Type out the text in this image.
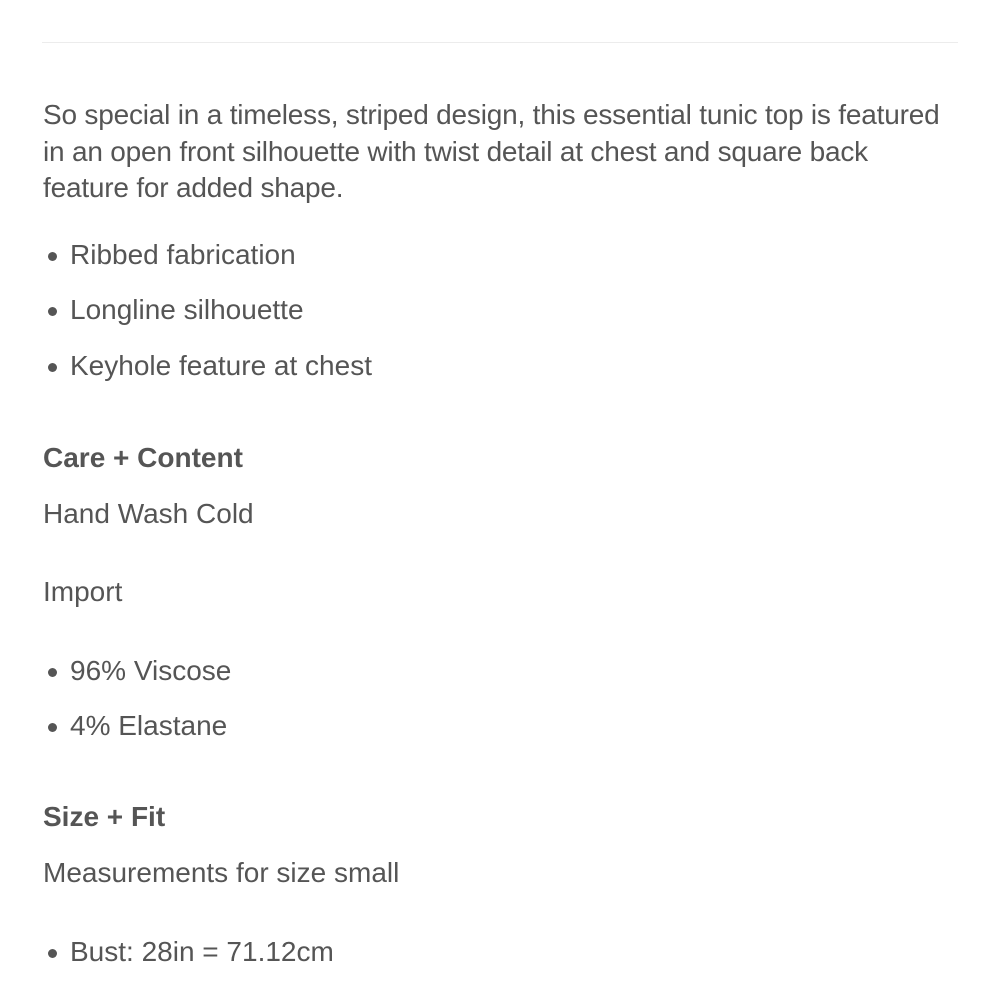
So special in a timeless, striped design, this essential tunic top is featured in an open front silhouette with twist detail at chest and square back feature for added shape.

Ribbed fabrication
Longline silhouette
Keyhole feature at chest
Care + Content

Hand Wash Cold

Import

96% Viscose
4% Elastane
Size + Fit

Measurements for size small

Bust: 28in = 71.12cm
